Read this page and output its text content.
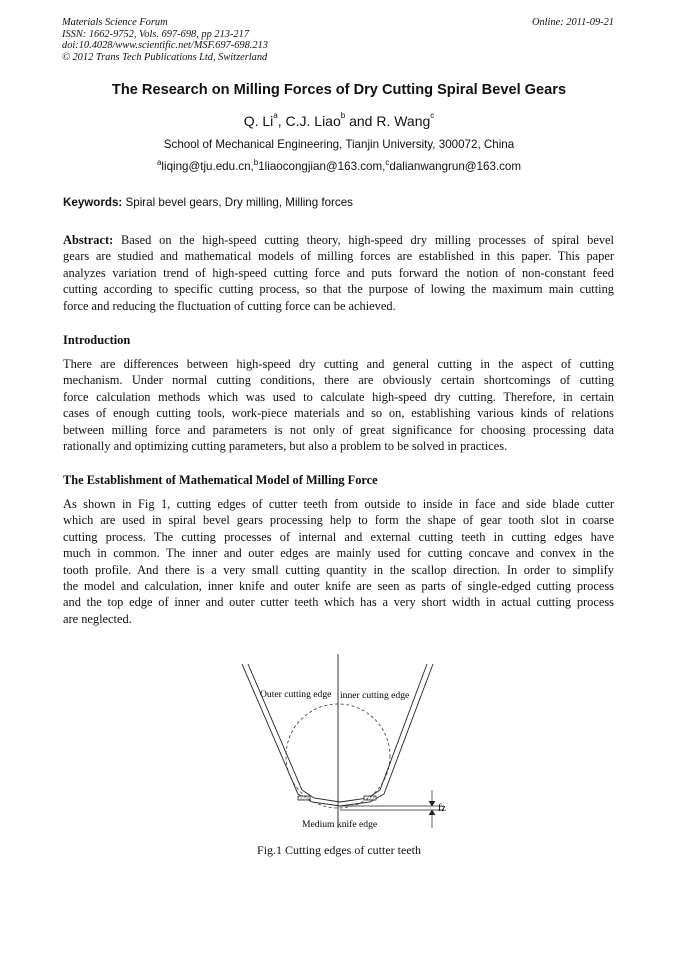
Materials Science Forum
ISSN: 1662-9752, Vols. 697-698, pp 213-217
doi:10.4028/www.scientific.net/MSF.697-698.213
© 2012 Trans Tech Publications Ltd, Switzerland
Online: 2011-09-21
The Research on Milling Forces of Dry Cutting Spiral Bevel Gears
Q. Li$^a$, C.J. Liao$^b$ and R. Wang$^c$
School of Mechanical Engineering, Tianjin University, 300072, China
$^a$liqing@tju.edu.cn,$^b$1liaocongjian@163.com,$^c$dalianwangrun@163.com
Keywords: Spiral bevel gears, Dry milling, Milling forces
Abstract: Based on the high-speed cutting theory, high-speed dry milling processes of spiral bevel
gears are studied and mathematical models of milling forces are established in this paper. This paper
analyzes variation trend of high-speed cutting force and puts forward the notion of non-constant feed
cutting according to specific cutting process, so that the purpose of lowing the maximum main cutting
force and reducing the fluctuation of cutting force can be achieved.
Introduction
There are differences between high-speed dry cutting and general cutting in the aspect of cutting
mechanism. Under normal cutting conditions, there are obviously certain shortcomings of cutting
force calculation methods which was used to calculate high-speed dry cutting. Therefore, in certain
cases of enough cutting tools, work-piece materials and so on, establishing various kinds of relations
between milling force and parameters is not only of great significance for choosing processing data
rationally and optimizing cutting parameters, but also a problem to be solved in practices.
The Establishment of Mathematical Model of Milling Force
As shown in Fig 1, cutting edges of cutter teeth from outside to inside in face and side blade cutter
which are used in spiral bevel gears processing help to form the shape of gear tooth slot in coarse
cutting process. The cutting processes of internal and external cutting teeth in cutting edges have
much in common. The inner and outer edges are mainly used for cutting concave and convex in the
tooth profile. And there is a very small cutting quantity in the scallop direction. In order to simplify
the model and calculation, inner knife and outer knife are seen as parts of single-edged cutting process
and the top edge of inner and outer cutter teeth which has a very short width in actual cutting process
are neglected.
fz
Outer cutting edge inner cutting edge
Medium knife edge
Fig.1 Cutting edges of cutter teeth
